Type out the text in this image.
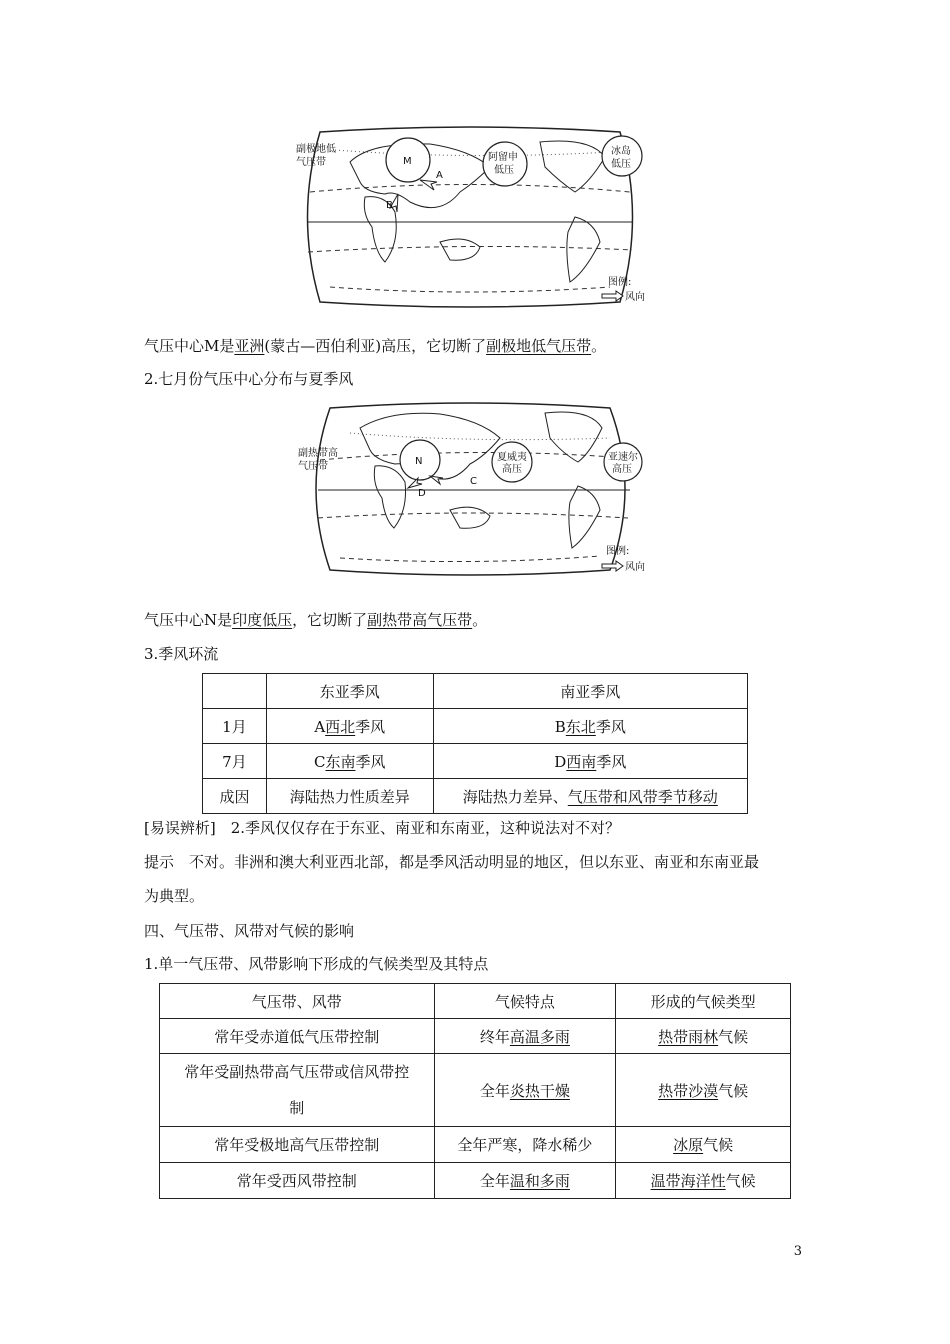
副极地低
气压带	M	阿留申
低压
冰岛
低压
A
B
图例:
风向
气压中心M是亚洲(蒙古—西伯利亚)高压，它切断了副极地低气压带。
2.七月份气压中心分布与夏季风
副热带高
气压带	N	夏威夷
高压
亚速尔
高压
C
D
图例:
风向
气压中心N是印度低压，它切断了副热带高气压带。
3.季风环流
	东亚季风	南亚季风
1月	A西北季风	B东北季风
7月	C东南季风	D西南季风
成因	海陆热力性质差异	海陆热力差异、气压带和风带季节移动
[易误辨析]　2.季风仅仅存在于东亚、南亚和东南亚，这种说法对不对？
提示　不对。非洲和澳大利亚西北部，都是季风活动明显的地区，但以东亚、南亚和东南亚最
为典型。
四、气压带、风带对气候的影响
1.单一气压带、风带影响下形成的气候类型及其特点
气压带、风带	气候特点	形成的气候类型
常年受赤道低气压带控制	终年高温多雨	热带雨林气候
常年受副热带高气压带或信风带控
制	全年炎热干燥	热带沙漠气候
常年受极地高气压带控制	全年严寒，降水稀少	冰原气候
常年受西风带控制	全年温和多雨	温带海洋性气候
3
